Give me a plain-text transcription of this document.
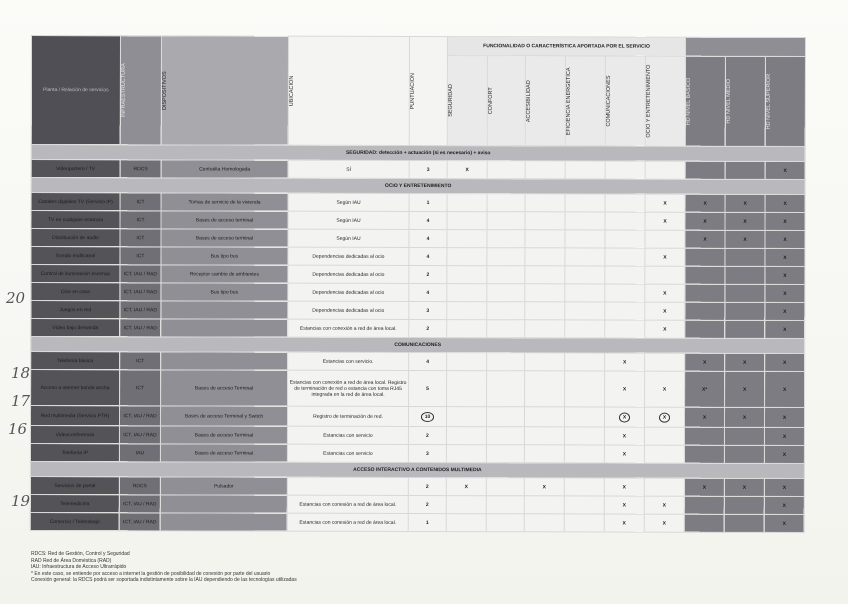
Planta / Relación de servicios	INFRAESTRUCTURA	DISPOSITIVOS	UBICACIÓN	PUNTUACIÓN	FUNCIONALIDAD O CARACTERÍSTICA APORTADA POR EL SERVICIO								

					SEGURIDAD	CONFORT	ACCESIBILIDAD	EFICIENCIA ENERGÉTICA	COMUNICACIONES	OCIO Y ENTRETENIMIENTO	HD NIVEL BÁSICO	HD NIVEL MEDIO	HD NIVEL SUPERIOR

SEGURIDAD: detección + actuación (si es necesario) + aviso													
Videoportero / TV	RDCS	Centralita Homologada	SÍ	3	X								X
OCIO Y ENTRETENIMIENTO													
Canales digitales TV (Servicio IP)	ICT	Tomas de servicio de la vivienda	Según IAU	1						X	X	X	X
TV en cualquier estancia	ICT	Bases de acceso terminal	Según IAU	4						X	X	X	X
Distribución de audio	ICT	Bases de acceso terminal	Según IAU	4							X	X	X
Sonido multicanal	ICT	Bus tipo bus	Dependencias dedicadas al ocio	4						X			X
Control de iluminación escenas	ICT, IAU / RAD	Receptor cambio de ambientes	Dependencias dedicadas al ocio	2									X
Cine en casa	ICT, IAU / RAD	Bus tipo bus	Dependencias dedicadas al ocio	4						X			X
Juegos en red	ICT, IAU / RAD		Dependencias dedicadas al ocio	3						X			X
Vídeo bajo demanda	ICT, IAU / RAD		Estancias con conexión a red de área local.	2						X			X
COMUNICACIONES													
Telefonía básica	ICT		Estancias con servicio.	4					X		X	X	X
Acceso a internet banda ancha	ICT	Bases de acceso Terminal	Estancias con conexión a red de área local. Registro de terminación de red o estancia con toma RJ45 integrada en la red de área local.	5					X	X	X*	X	X
Red multimedia (Servicio PTR)	ICT, IAU / RAD	Bases de acceso Terminal y Switch	Registro de terminación de red.	10					X	X	X	X	X
Videoconferencia	ICT, IAU / RAD	Bases de acceso Terminal	Estancias con servicio	2					X				X
Telefonía IP	IAU	Bases de acceso Terminal	Estancias con servicio	3					X				X
ACCESO INTERACTIVO A CONTENIDOS MULTIMEDIA													
Servicios de portal	RDCS	Pulsador		2	X		X		X		X	X	X
Telemedicina	ICT, IAU / RAD		Estancias con conexión a red de área local.	2					X	X			X
Comercio / Teletrabajo	ICT, IAU / RAD		Estancias con conexión a red de área local.	1					X	X			X
RDCS: Red de Gestión, Control y Seguridad
RAD Red de Área Doméstica (RAD)
IAU: Infraestructura de Acceso Ultrarrápido
* En este caso, se entiende por acceso a internet la gestión de posibilidad de conexión por parte del usuario
Conexión general: la RDCS podrá ser soportada indistintamente sobre la IAU dependiendo de las tecnologías utilizadas
20
18
17
16
19
